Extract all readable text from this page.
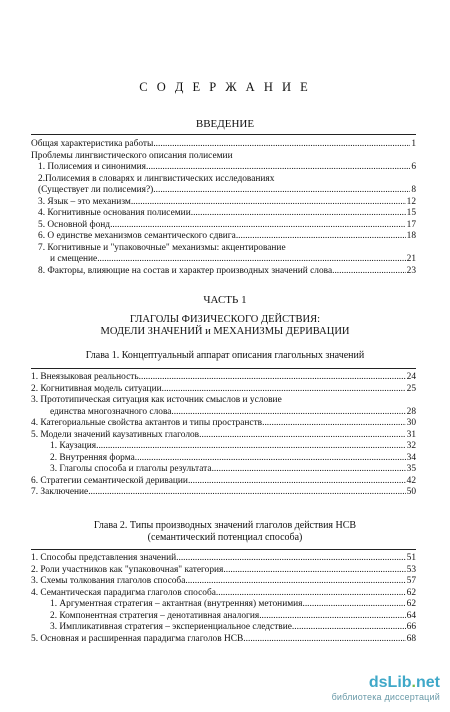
С О Д Е Р Ж А Н И Е
ВВЕДЕНИЕ
Общая характеристика работы .....	1
Проблемы лингвистического описания полисемии
1. Полисемия и синонимия .....	6
2.Полисемия в словарях и лингвистических исследованиях
(Существует ли полисемия?) .....	8
3. Язык – это механизм .....	12
4. Когнитивные основания полисемии .....	15
5. Основной фонд .....	17
6. О единстве механизмов семантического сдвига .....	18
7. Когнитивные и "упаковочные" механизмы: акцентирование
и смещение .....	21
8. Факторы, влияющие на состав и характер производных значений слова .....	23
ЧАСТЬ 1
ГЛАГОЛЫ ФИЗИЧЕСКОГО ДЕЙСТВИЯ:
МОДЕЛИ ЗНАЧЕНИЙ и МЕХАНИЗМЫ ДЕРИВАЦИИ
Глава 1. Концептуальный аппарат описания глагольных значений
1. Внеязыковая реальность .....	24
2. Когнитивная модель ситуации .....	25
3. Прототипическая ситуация как источник смыслов и условие
единства многозначного слова .....	28
4. Категориальные свойства актантов и типы пространств .....	30
5. Модели значений каузативных глаголов .....	31
1. Каузация .....	32
2. Внутренняя форма .....	34
3. Глаголы способа и глаголы результата .....	35
6. Стратегии семантической деривации .....	42
7. Заключение .....	50
Глава 2. Типы производных значений глаголов действия НСВ
(семантический потенциал способа)
1. Способы представления значений .....	51
2. Роли участников как "упаковочная" категория .....	53
3. Схемы толкования глаголов способа .....	57
4. Семантическая парадигма глаголов способа .....	62
1. Аргументная стратегия – актантная (внутренняя) метонимия .....	62
2. Компонентная стратегия – денотативная аналогия .....	64
3. Импликативная стратегия – экспериенциальное следствие .....	66
5. Основная и расширенная парадигма глаголов НСВ .....	68
dsLib.net
библиотека диссертаций
